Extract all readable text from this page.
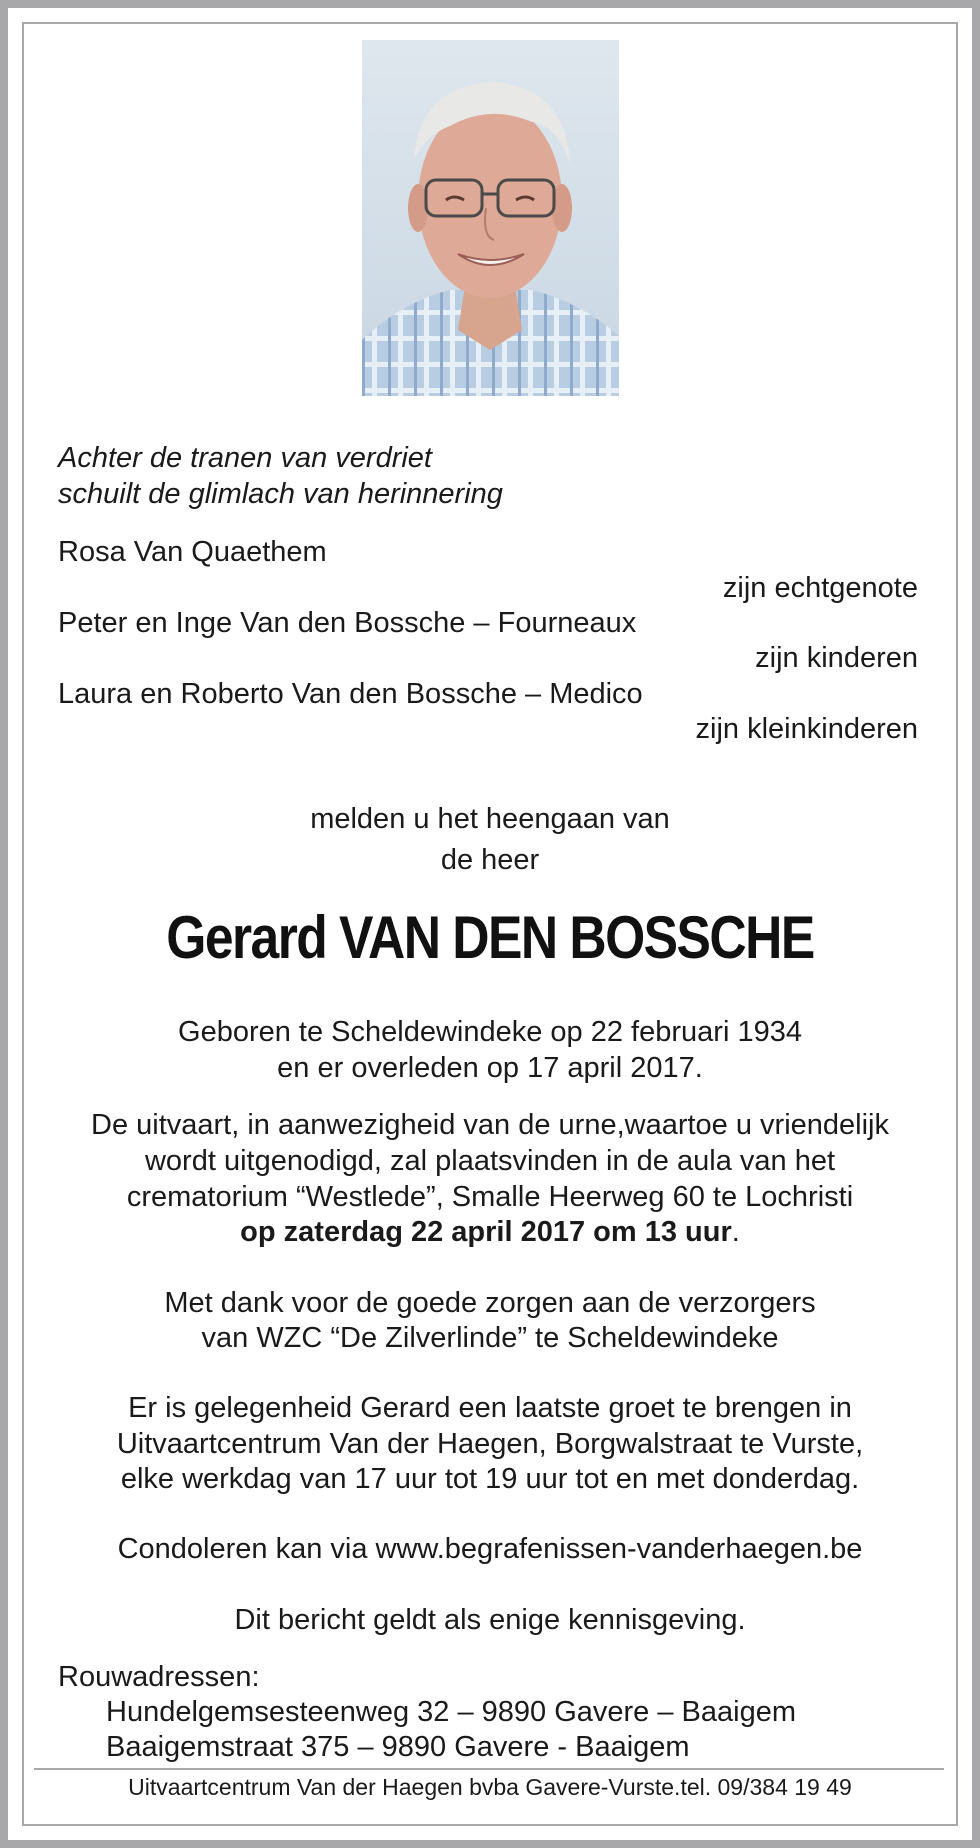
Achter de tranen van verdriet
schuilt de glimlach van herinnering
Rosa Van Quaethem
zijn echtgenote
Peter en Inge Van den Bossche – Fourneaux
zijn kinderen
Laura en Roberto Van den Bossche – Medico
zijn kleinkinderen
melden u het heengaan van
de heer
Gerard VAN DEN BOSSCHE
Geboren te Scheldewindeke op 22 februari 1934
en er overleden op 17 april 2017.
De uitvaart, in aanwezigheid van de urne,waartoe u vriendelijk
wordt uitgenodigd, zal plaatsvinden in de aula van het
crematorium “Westlede”, Smalle Heerweg 60 te Lochristi
op zaterdag 22 april 2017 om 13 uur.
Met dank voor de goede zorgen aan de verzorgers
van WZC “De Zilverlinde” te Scheldewindeke
Er is gelegenheid Gerard een laatste groet te brengen in
Uitvaartcentrum Van der Haegen, Borgwalstraat te Vurste,
elke werkdag van 17 uur tot 19 uur tot en met donderdag.
Condoleren kan via www.begrafenissen-vanderhaegen.be
Dit bericht geldt als enige kennisgeving.
Rouwadressen:
Hundelgemsesteenweg 32 – 9890 Gavere – Baaigem
Baaigemstraat 375 – 9890 Gavere - Baaigem
Uitvaartcentrum Van der Haegen bvba Gavere-Vurste.tel. 09/384 19 49
